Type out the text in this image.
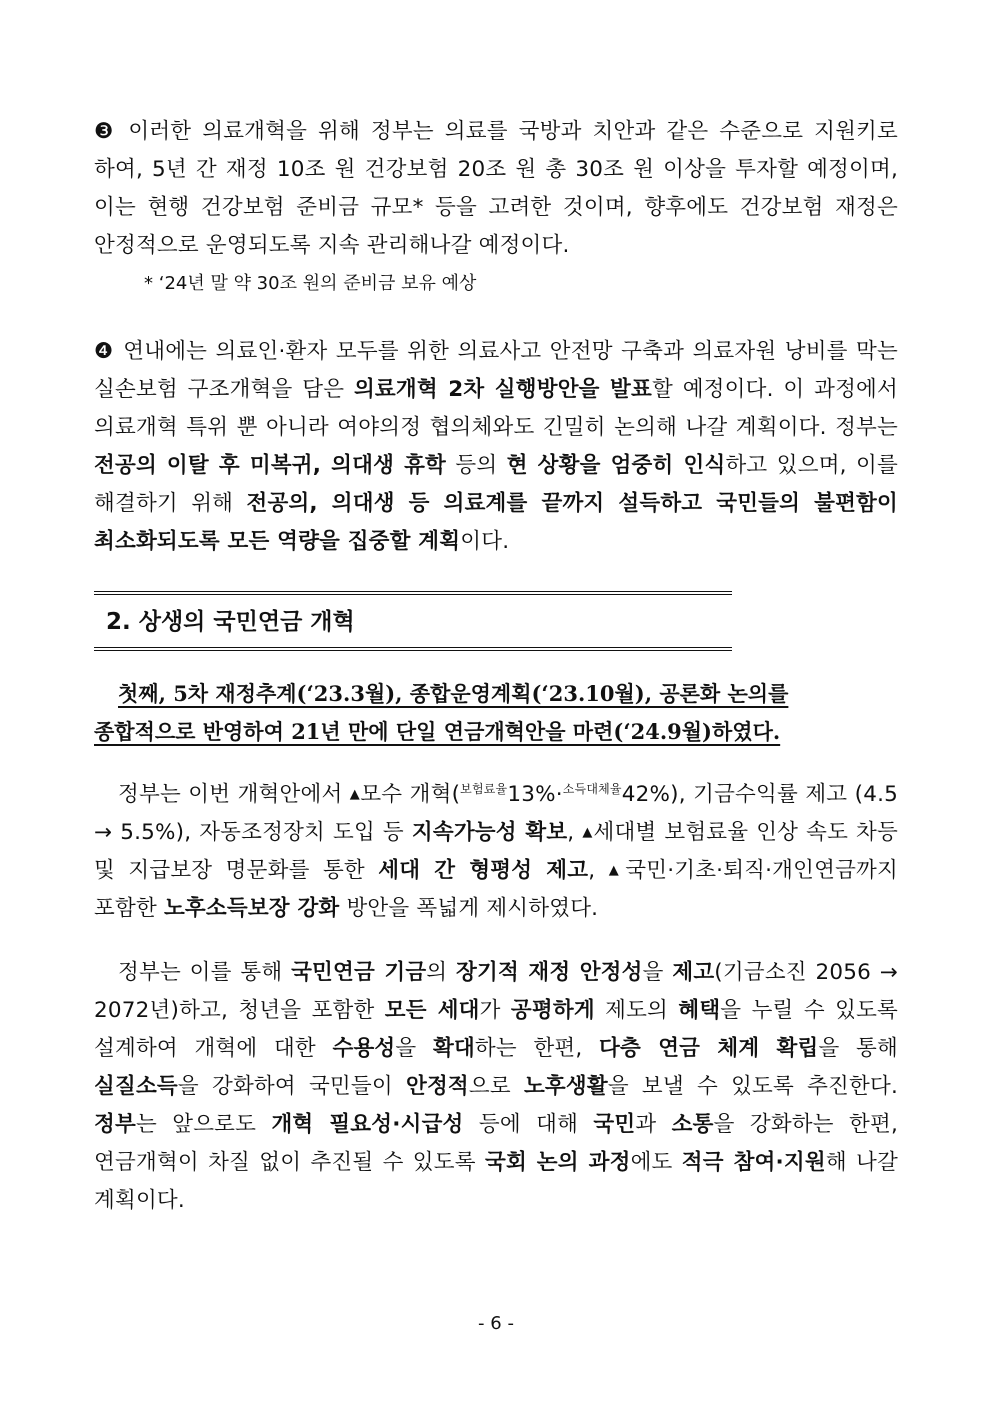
❸ 이러한 의료개혁을 위해 정부는 의료를 국방과 치안과 같은 수준으로 지원키로 하여, 5년 간 재정 10조 원 건강보험 20조 원 총 30조 원 이상을 투자할 예정이며, 이는 현행 건강보험 준비금 규모* 등을 고려한 것이며, 향후에도 건강보험 재정은 안정적으로 운영되도록 지속 관리해나갈 예정이다.

* ‘24년 말 약 30조 원의 준비금 보유 예상

❹ 연내에는 의료인·환자 모두를 위한 의료사고 안전망 구축과 의료자원 낭비를 막는 실손보험 구조개혁을 담은 의료개혁 2차 실행방안을 발표할 예정이다. 이 과정에서 의료개혁 특위 뿐 아니라 여야의정 협의체와도 긴밀히 논의해 나갈 계획이다. 정부는 전공의 이탈 후 미복귀, 의대생 휴학 등의 현 상황을 엄중히 인식하고 있으며, 이를 해결하기 위해 전공의, 의대생 등 의료계를 끝까지 설득하고 국민들의 불편함이 최소화되도록 모든 역량을 집중할 계획이다.

2. 상생의 국민연금 개혁
첫째, 5차 재정추계(‘23.3월), 종합운영계획(‘23.10월), 공론화 논의를
종합적으로 반영하여 21년 만에 단일 연금개혁안을 마련(‘24.9월)하였다.

정부는 이번 개혁안에서 ▲모수 개혁($^{보험료율}$13%·$^{소득대체율}$42%), 기금수익률 제고 (4.5 → 5.5%), 자동조정장치 도입 등 지속가능성 확보, ▲세대별 보험료율 인상 속도 차등 및 지급보장 명문화를 통한 세대 간 형평성 제고, ▲국민·기초·퇴직·개인연금까지 포함한 노후소득보장 강화 방안을 폭넓게 제시하였다.

정부는 이를 통해 국민연금 기금의 장기적 재정 안정성을 제고(기금소진 2056 → 2072년)하고, 청년을 포함한 모든 세대가 공평하게 제도의 혜택을 누릴 수 있도록 설계하여 개혁에 대한 수용성을 확대하는 한편, 다층 연금 체계 확립을 통해 실질소득을 강화하여 국민들이 안정적으로 노후생활을 보낼 수 있도록 추진한다. 정부는 앞으로도 개혁 필요성·시급성 등에 대해 국민과 소통을 강화하는 한편, 연금개혁이 차질 없이 추진될 수 있도록 국회 논의 과정에도 적극 참여·지원해 나갈 계획이다.

- 6 -
